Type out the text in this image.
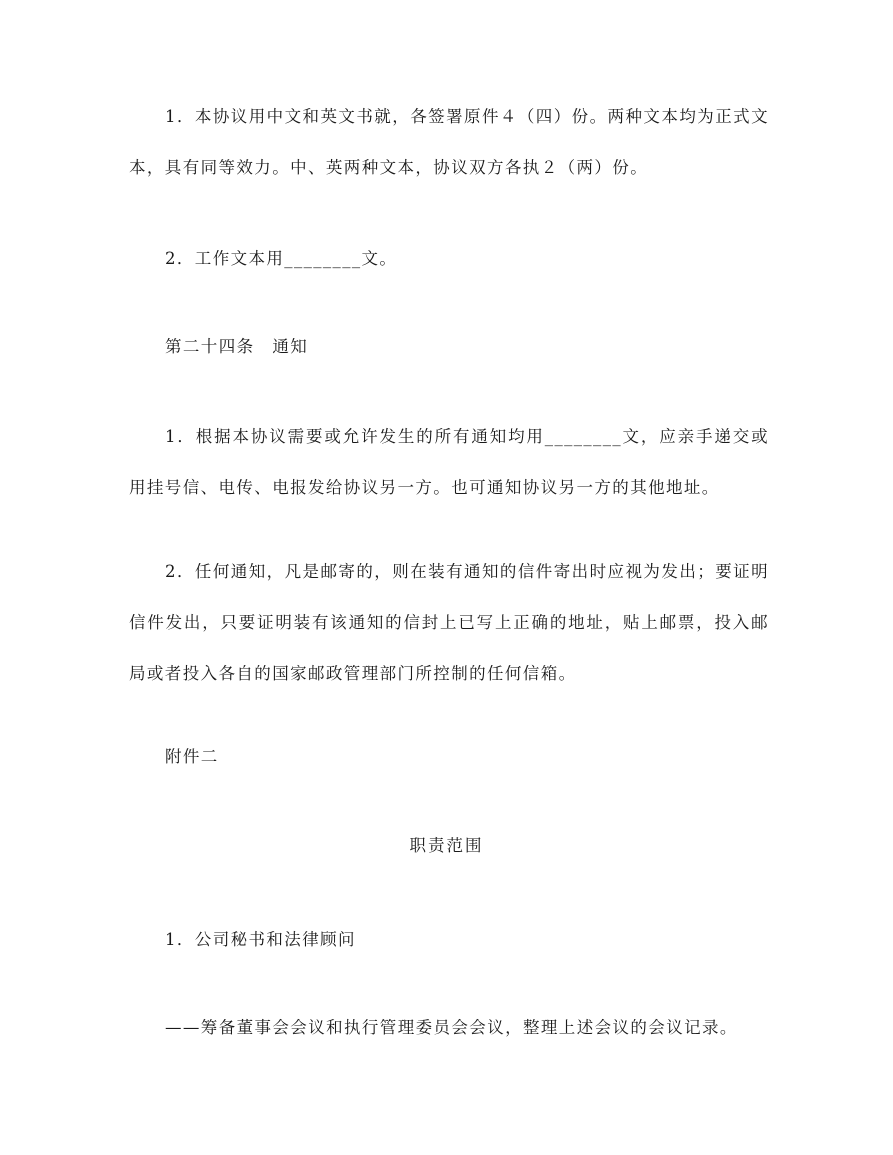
1．本协议用中文和英文书就，各签署原件４（四）份。两种文本均为正式文本，具有同等效力。中、英两种文本，协议双方各执２（两）份。

2．工作文本用________文。

第二十四条　通知

1．根据本协议需要或允许发生的所有通知均用________文，应亲手递交或用挂号信、电传、电报发给协议另一方。也可通知协议另一方的其他地址。

2．任何通知，凡是邮寄的，则在装有通知的信件寄出时应视为发出；要证明信件发出，只要证明装有该通知的信封上已写上正确的地址，贴上邮票，投入邮局或者投入各自的国家邮政管理部门所控制的任何信箱。

附件二

职责范围

1．公司秘书和法律顾问

——筹备董事会会议和执行管理委员会会议，整理上述会议的会议记录。
